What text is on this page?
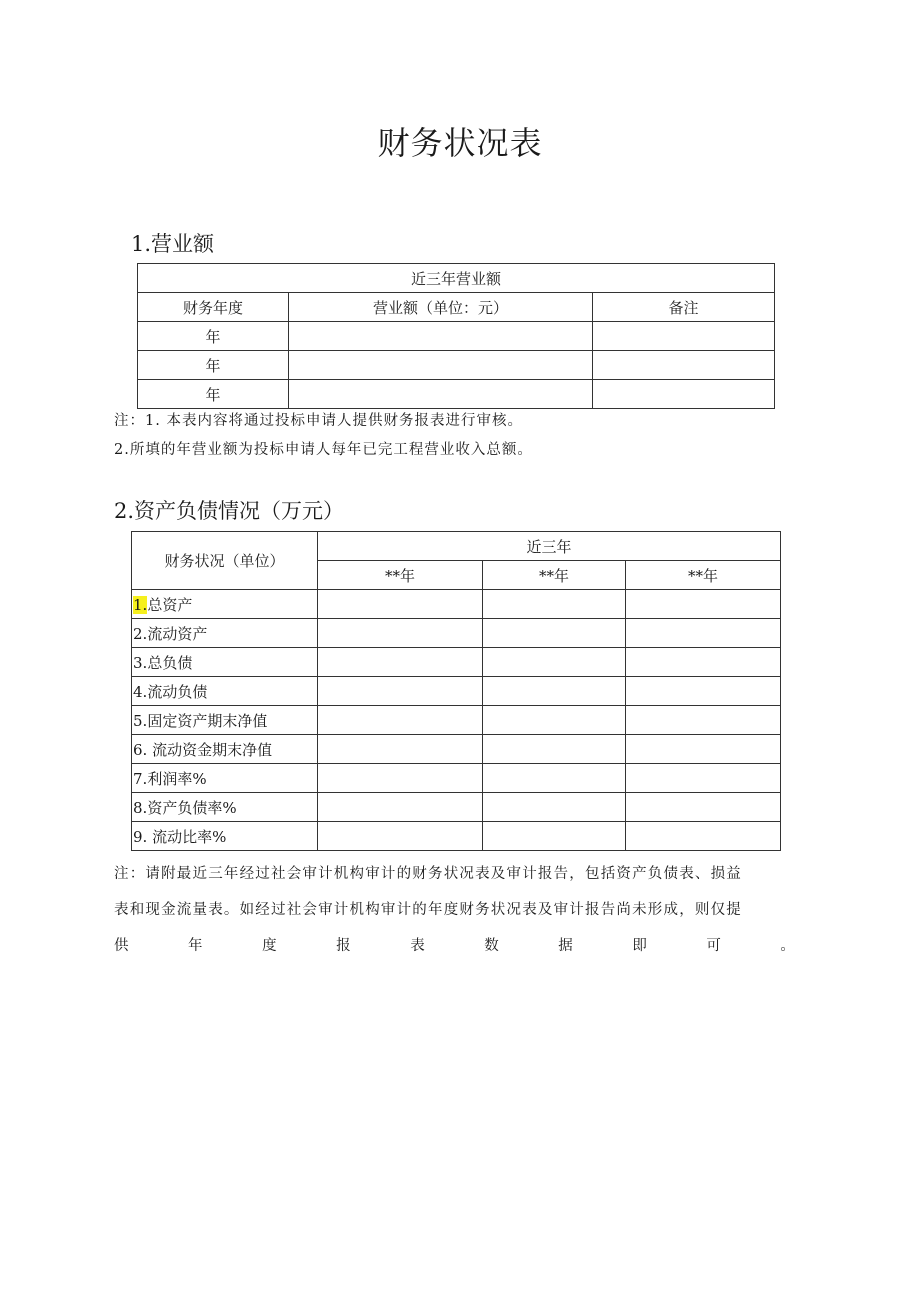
财务状况表
1.营业额
近三年营业额		
财务年度	营业额（单位：元）	备注
年		
年		
年		
注：1. 本表内容将通过投标申请人提供财务报表进行审核。
2.所填的年营业额为投标申请人每年已完工程营业收入总额。
2.资产负债情况（万元）
财务状况（单位）	近三年		
	**年	**年	**年
1.总资产			
2.流动资产			
3.总负债			
4.流动负债			
5.固定资产期末净值			
6. 流动资金期末净值			
7.利润率%			
8.资产负债率%			
9. 流动比率%			
注：请附最近三年经过社会审计机构审计的财务状况表及审计报告，包括资产负债表、损益
表和现金流量表。如经过社会审计机构审计的年度财务状况表及审计报告尚未形成，则仅提
供	年	度	报	表	数	据	即	可	。
